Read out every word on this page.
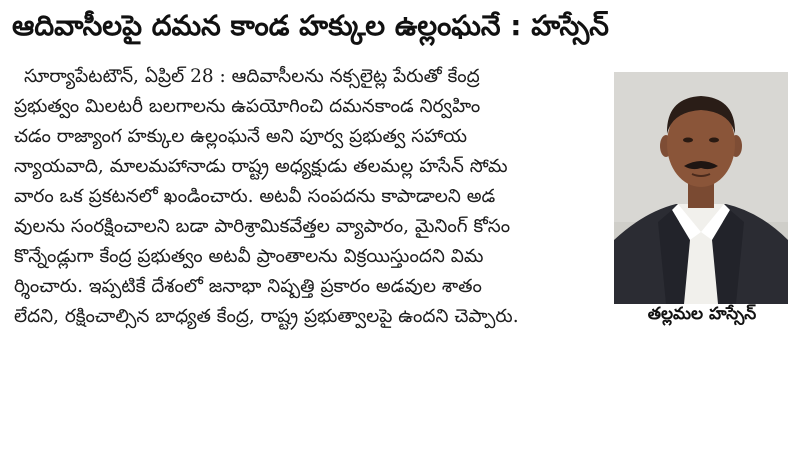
ఆదివాసీలపై దమన కాండ హక్కుల ఉల్లంఘనే : హస్సేన్
సూర్యాపేటటౌన్, ఏప్రిల్ 28 : ఆదివాసీలను నక్సలైట్ల పేరుతో కేంద్ర
ప్రభుత్వం మిలటరీ బలగాలను ఉపయోగించి దమనకాండ నిర్వహిం
చడం రాజ్యాంగ హక్కుల ఉల్లంఘనే అని పూర్వ ప్రభుత్వ సహాయ
న్యాయవాది, మాలమహానాడు రాష్ట్ర అధ్యక్షుడు తలమల్ల హసేన్ సోమ
వారం ఒక ప్రకటనలో ఖండించారు. అటవీ సంపదను కాపాడాలని అడ
వులను సంరక్షించాలని బడా పారిశ్రామికవేత్తల వ్యాపారం, మైనింగ్ కోసం
కొన్నేండ్లుగా కేంద్ర ప్రభుత్వం అటవీ ప్రాంతాలను విక్రయిస్తుందని విమ
ర్శించారు. ఇప్పటికే దేశంలో జనాభా నిష్పత్తి ప్రకారం అడవుల శాతం
లేదని, రక్షించాల్సిన బాధ్యత కేంద్ర, రాష్ట్ర ప్రభుత్వాలపై ఉందని చెప్పారు.	తల్లమల హస్సేన్
